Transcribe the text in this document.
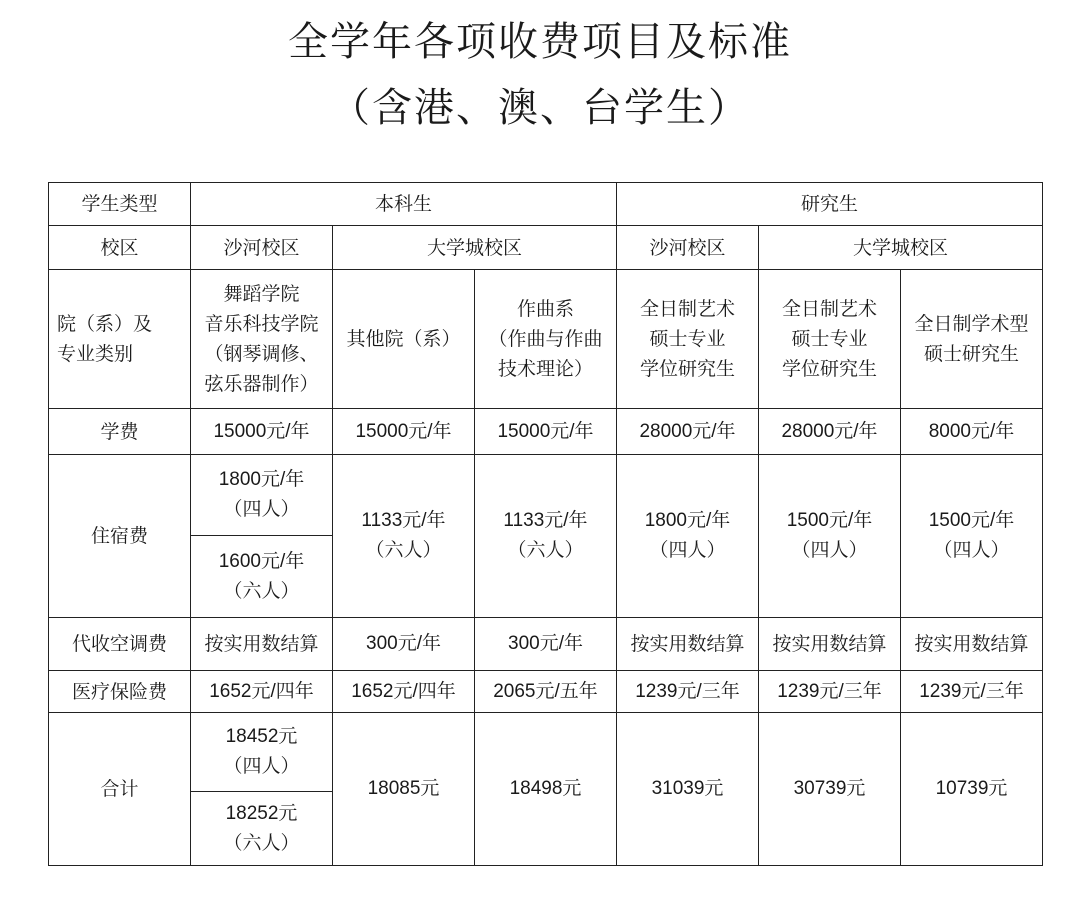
全学年各项收费项目及标准
（含港、澳、台学生）
学生类型	本科生			研究生		
校区	沙河校区	大学城校区		沙河校区	大学城校区	

院（系）及
专业类别	舞蹈学院
音乐科技学院
（钢琴调修、
弦乐器制作）	其他院（系）	作曲系
（作曲与作曲
技术理论）	全日制艺术
硕士专业
学位研究生	全日制艺术
硕士专业
学位研究生	全日制学术型
硕士研究生

学费	15000元/年	15000元/年	15000元/年	28000元/年	28000元/年	8000元/年
住宿费	1800元/年
（四人）	1133元/年
（六人）	1133元/年
（六人）	1800元/年
（四人）	1500元/年
（四人）	1500元/年
（四人）

	1600元/年
（六人）					

代收空调费	按实用数结算	300元/年	300元/年	按实用数结算	按实用数结算	按实用数结算
医疗保险费	1652元/四年	1652元/四年	2065元/五年	1239元/三年	1239元/三年	1239元/三年
合计	18452元
（四人）	18085元	18498元	31039元	30739元	10739元

	18252元
（六人）					
